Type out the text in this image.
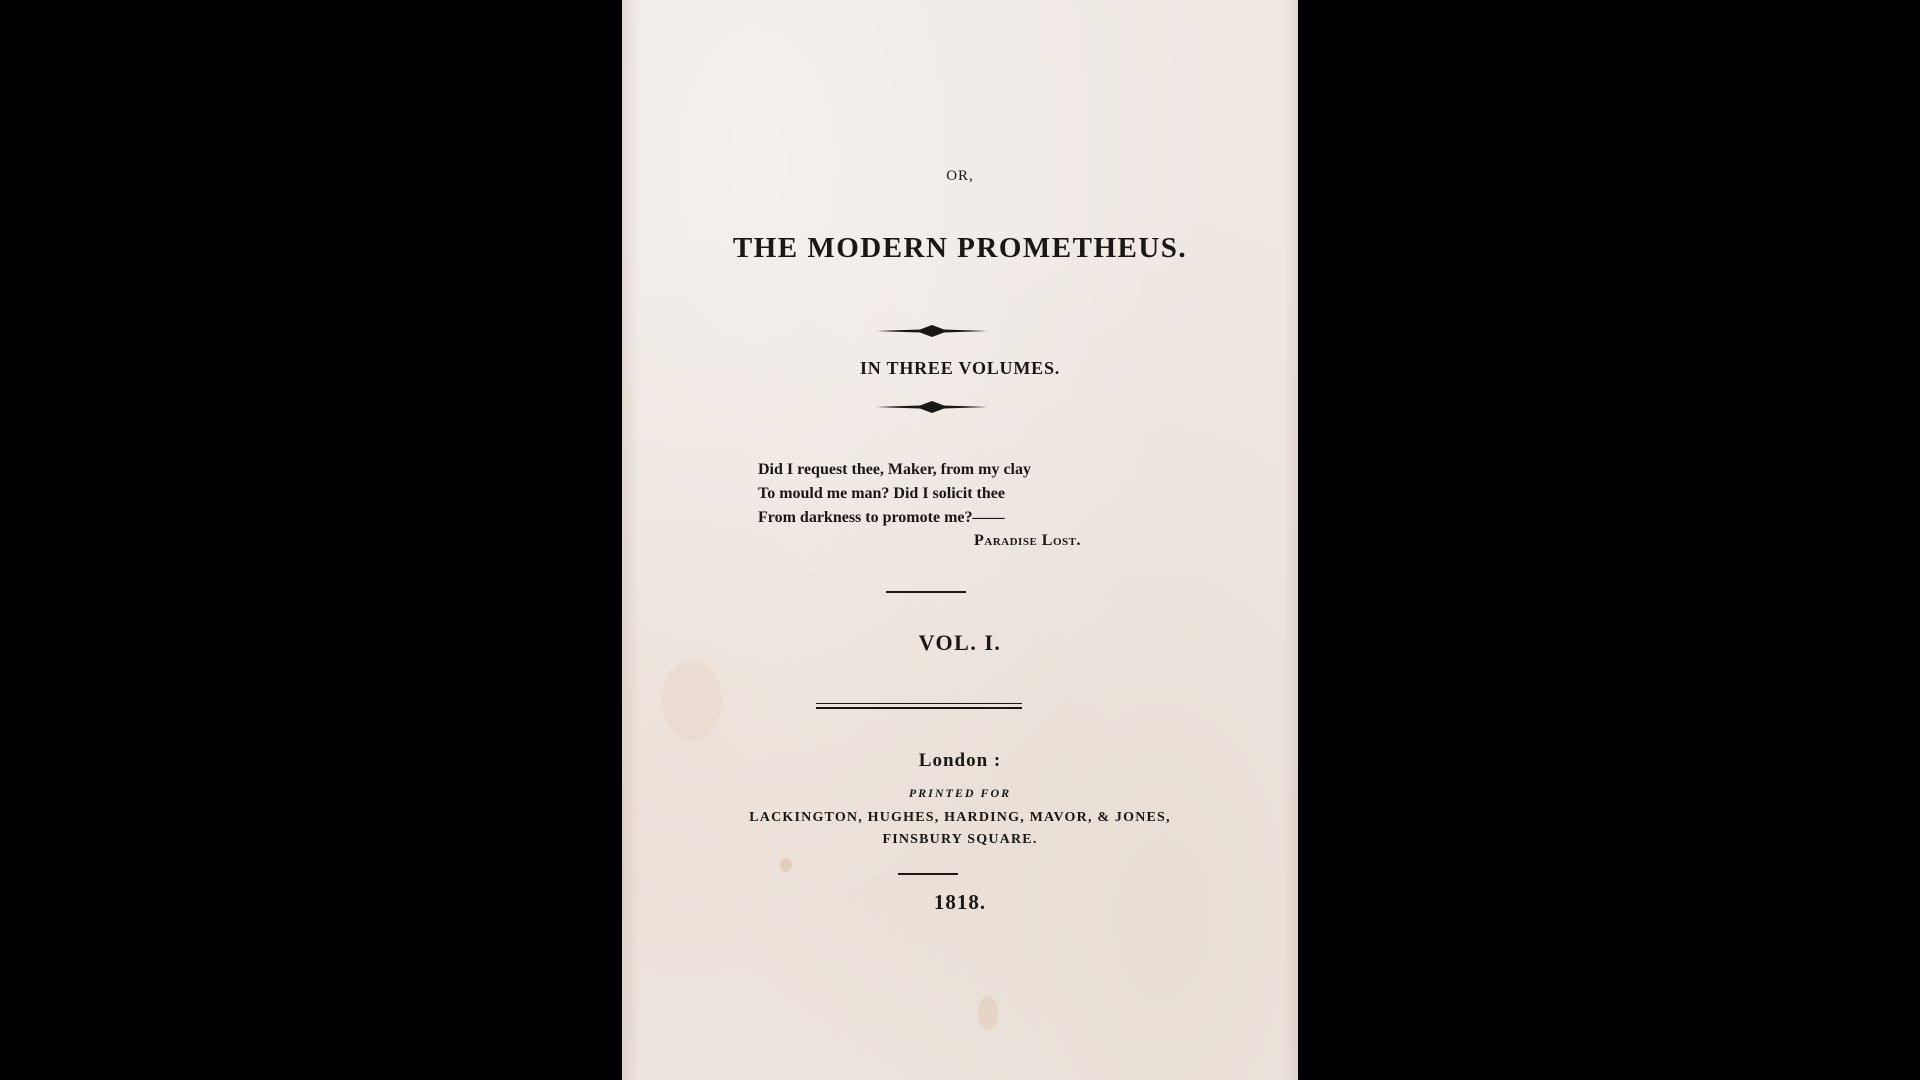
OR,
THE MODERN PROMETHEUS.
IN THREE VOLUMES.
Did I request thee, Maker, from my clay
To mould me man? Did I solicit thee
From darkness to promote me?——
Paradise Lost.
VOL. I.
London :
PRINTED FOR
LACKINGTON, HUGHES, HARDING, MAVOR, & JONES,
FINSBURY SQUARE.
1818.
